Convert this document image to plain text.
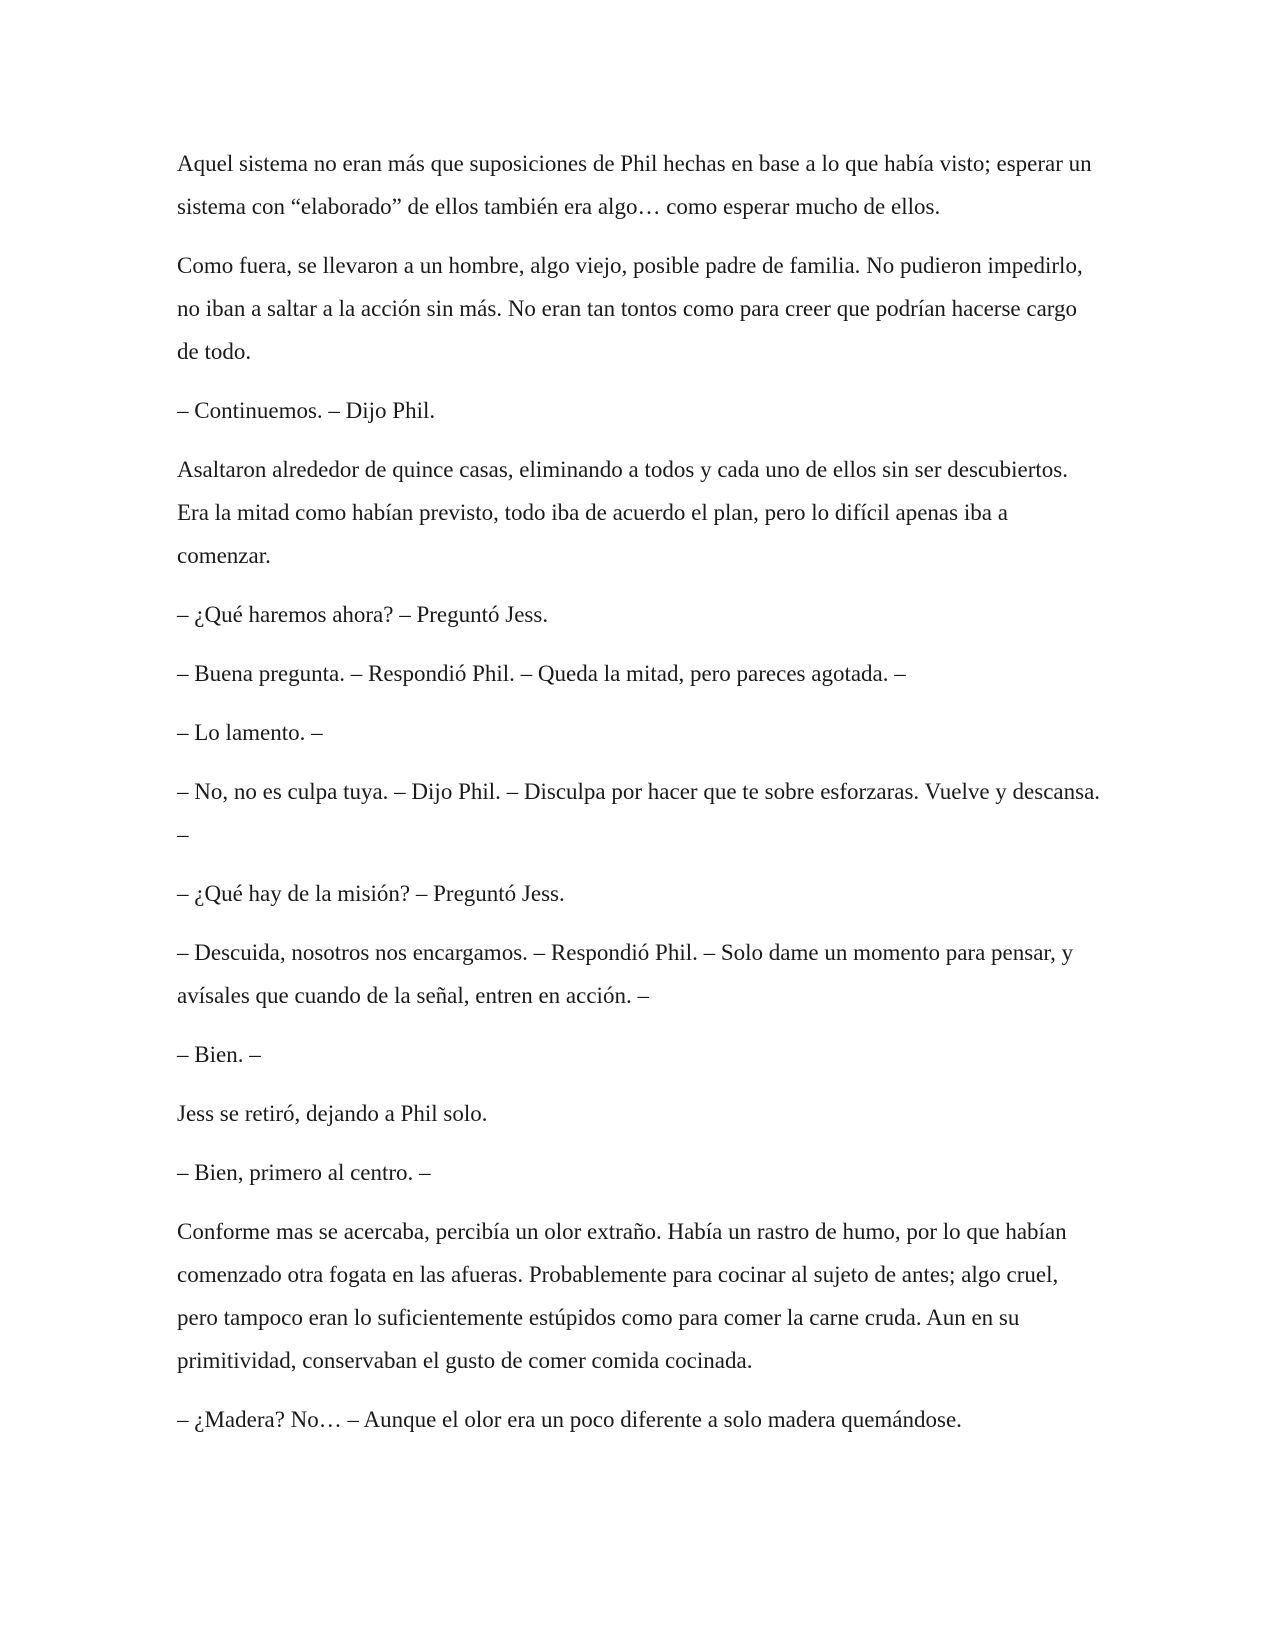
Aquel sistema no eran más que suposiciones de Phil hechas en base a lo que había visto; esperar un sistema con “elaborado” de ellos también era algo… como esperar mucho de ellos.

Como fuera, se llevaron a un hombre, algo viejo, posible padre de familia. No pudieron impedirlo, no iban a saltar a la acción sin más. No eran tan tontos como para creer que podrían hacerse cargo de todo.

– Continuemos. – Dijo Phil.

Asaltaron alrededor de quince casas, eliminando a todos y cada uno de ellos sin ser descubiertos. Era la mitad como habían previsto, todo iba de acuerdo el plan, pero lo difícil apenas iba a comenzar.

– ¿Qué haremos ahora? – Preguntó Jess.

– Buena pregunta. – Respondió Phil. – Queda la mitad, pero pareces agotada. –

– Lo lamento. –

– No, no es culpa tuya. – Dijo Phil. – Disculpa por hacer que te sobre esforzaras. Vuelve y descansa. –

– ¿Qué hay de la misión? – Preguntó Jess.

– Descuida, nosotros nos encargamos. – Respondió Phil. – Solo dame un momento para pensar, y avísales que cuando de la señal, entren en acción. –

– Bien. –

Jess se retiró, dejando a Phil solo.

– Bien, primero al centro. –

Conforme mas se acercaba, percibía un olor extraño. Había un rastro de humo, por lo que habían comenzado otra fogata en las afueras. Probablemente para cocinar al sujeto de antes; algo cruel, pero tampoco eran lo suficientemente estúpidos como para comer la carne cruda. Aun en su primitividad, conservaban el gusto de comer comida cocinada.

– ¿Madera? No… – Aunque el olor era un poco diferente a solo madera quemándose.
